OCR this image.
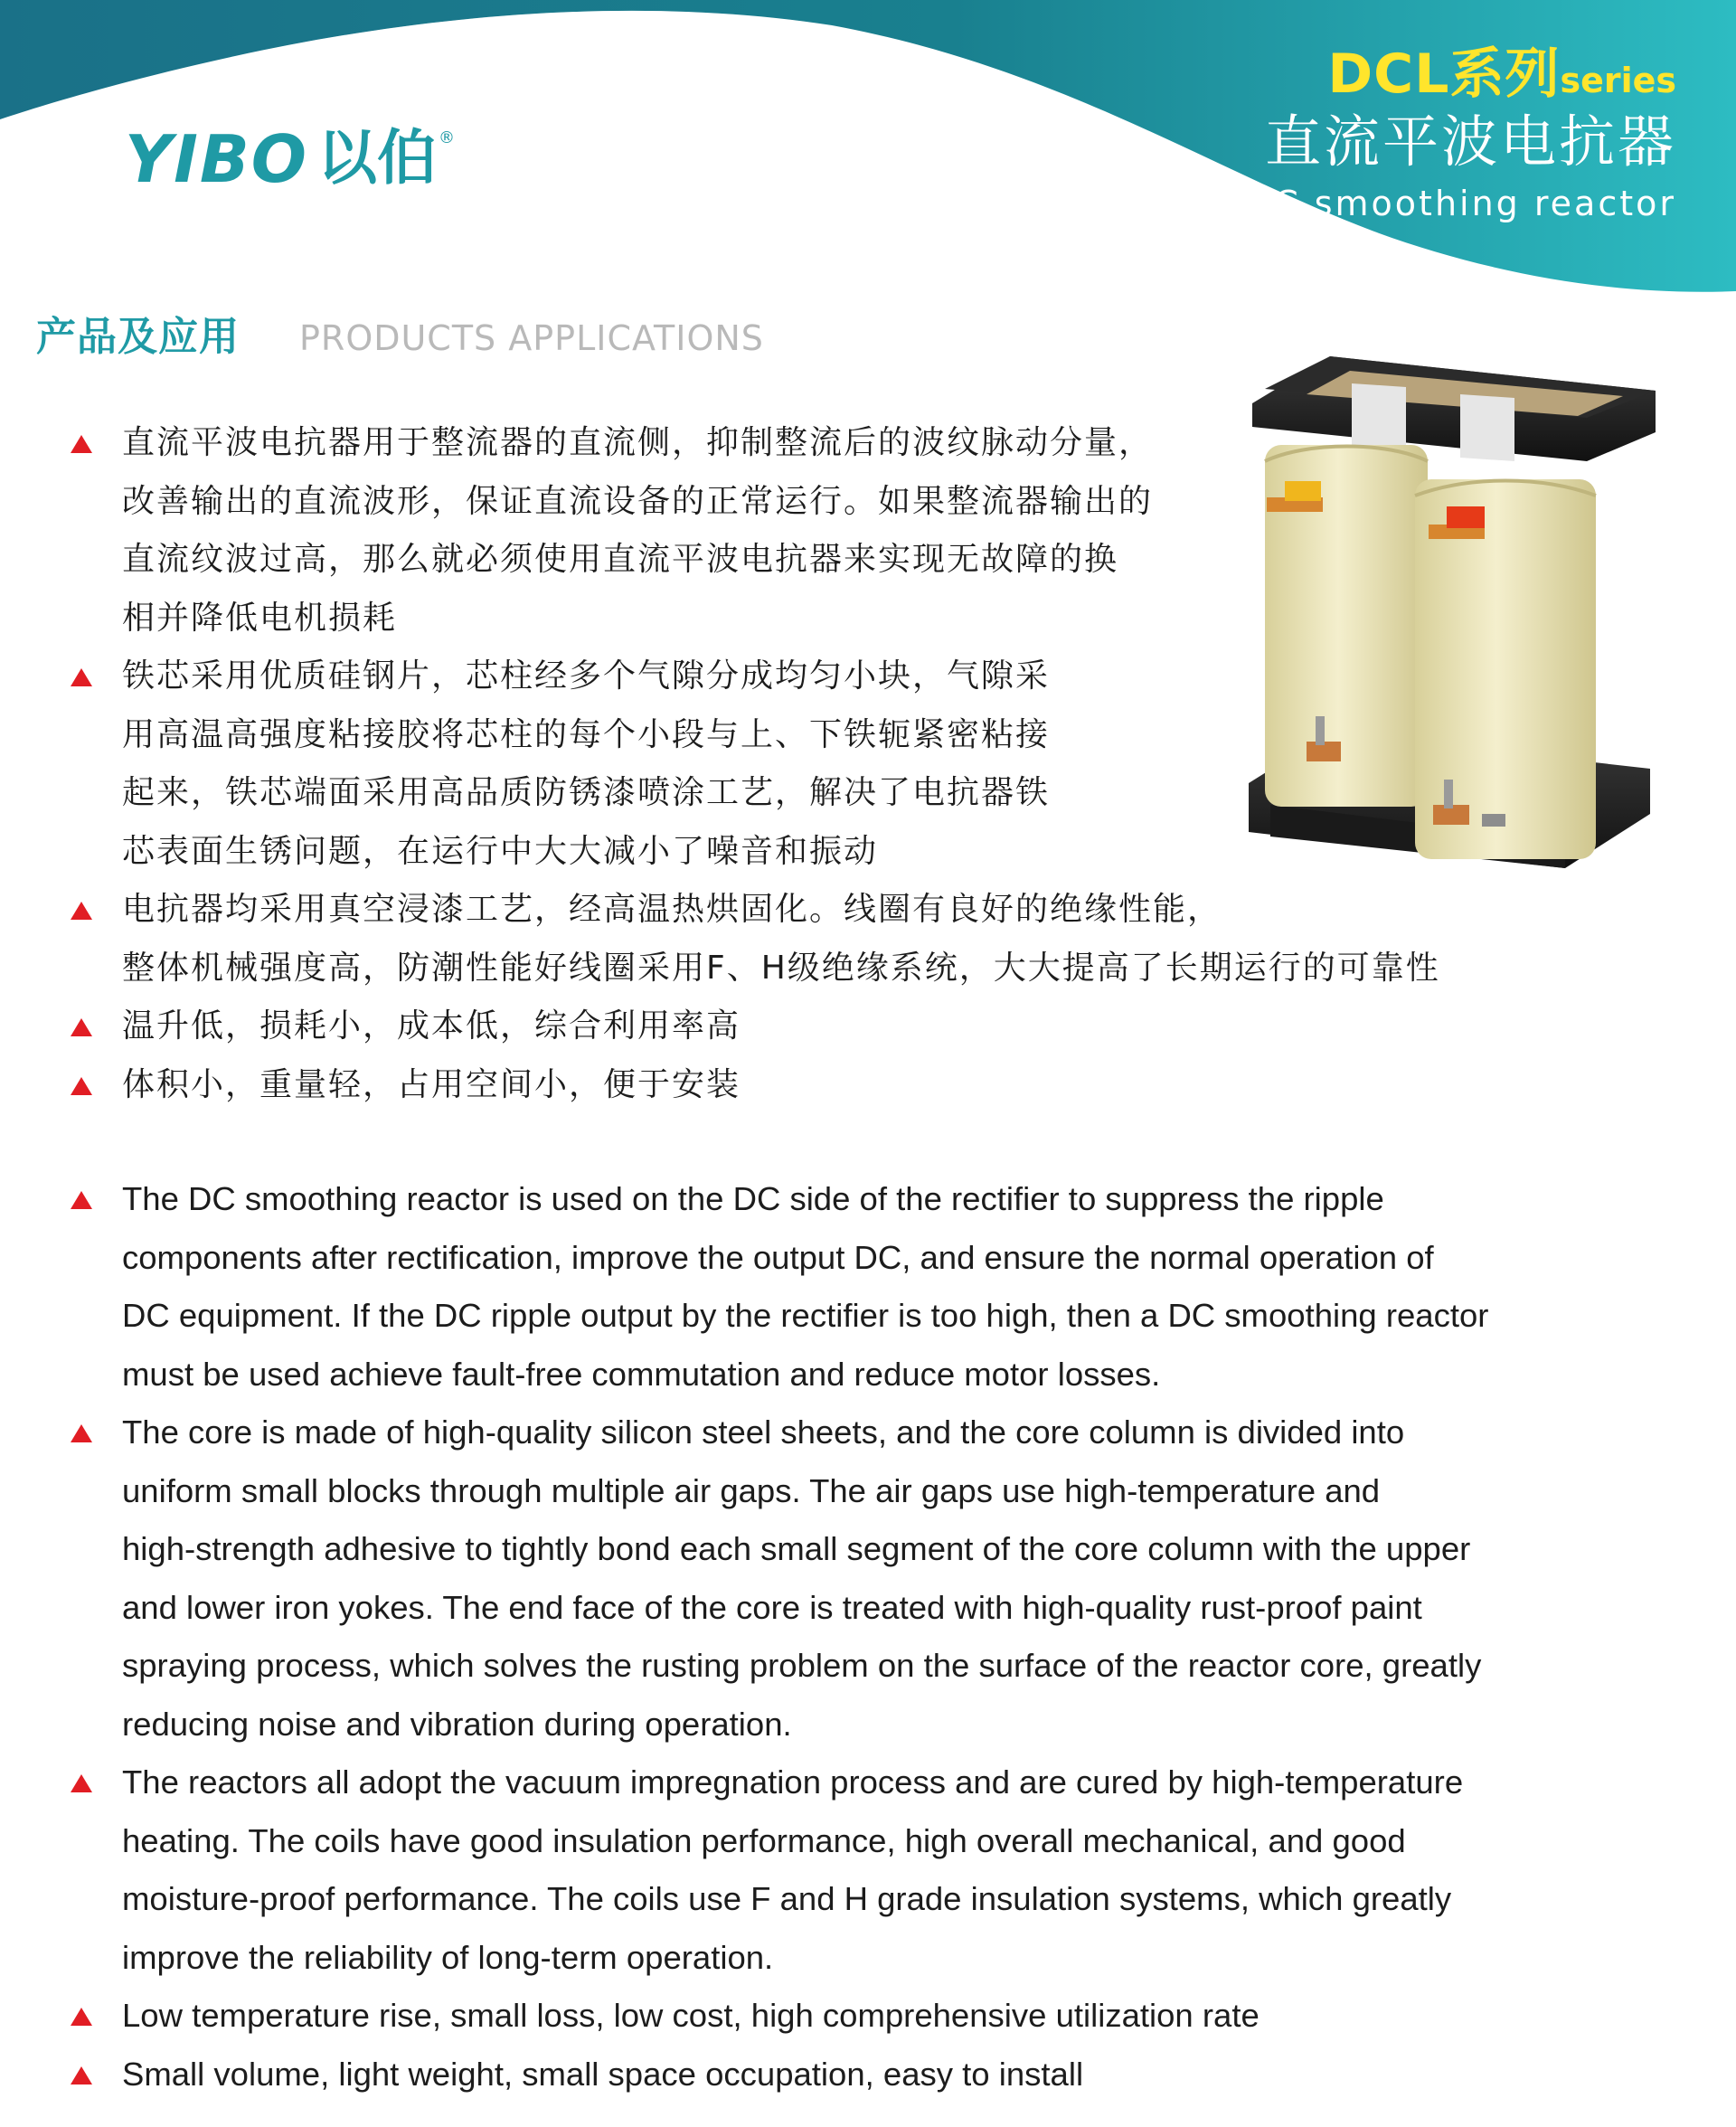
YIBO 以伯 ®
DCL系列series
直流平波电抗器
DC smoothing reactor
产品及应用 PRODUCTS APPLICATIONS
直流平波电抗器用于整流器的直流侧，抑制整流后的波纹脉动分量，
改善输出的直流波形，保证直流设备的正常运行。如果整流器输出的
直流纹波过高，那么就必须使用直流平波电抗器来实现无故障的换
相并降低电机损耗
铁芯采用优质硅钢片，芯柱经多个气隙分成均匀小块，气隙采
用高温高强度粘接胶将芯柱的每个小段与上、下铁轭紧密粘接
起来，铁芯端面采用高品质防锈漆喷涂工艺，解决了电抗器铁
芯表面生锈问题，在运行中大大减小了噪音和振动
电抗器均采用真空浸漆工艺，经高温热烘固化。线圈有良好的绝缘性能，
整体机械强度高，防潮性能好线圈采用F、H级绝缘系统，大大提高了长期运行的可靠性
温升低，损耗小，成本低，综合利用率高
体积小，重量轻，占用空间小，便于安装
The DC smoothing reactor is used on the DC side of the rectifier to suppress the ripple
components after rectification, improve the output DC, and ensure the normal operation of
DC equipment. If the DC ripple output by the rectifier is too high, then a DC smoothing reactor
must be used achieve fault-free commutation and reduce motor losses.
The core is made of high-quality silicon steel sheets, and the core column is divided into
uniform small blocks through multiple air gaps. The air gaps use high-temperature and
high-strength adhesive to tightly bond each small segment of the core column with the upper
and lower iron yokes. The end face of the core is treated with high-quality rust-proof paint
spraying process, which solves the rusting problem on the surface of the reactor core, greatly
reducing noise and vibration during operation.
The reactors all adopt the vacuum impregnation process and are cured by high-temperature
heating. The coils have good insulation performance, high overall mechanical, and good
moisture-proof performance. The coils use F and H grade insulation systems, which greatly
improve the reliability of long-term operation.
Low temperature rise, small loss, low cost, high comprehensive utilization rate
Small volume, light weight, small space occupation, easy to install
